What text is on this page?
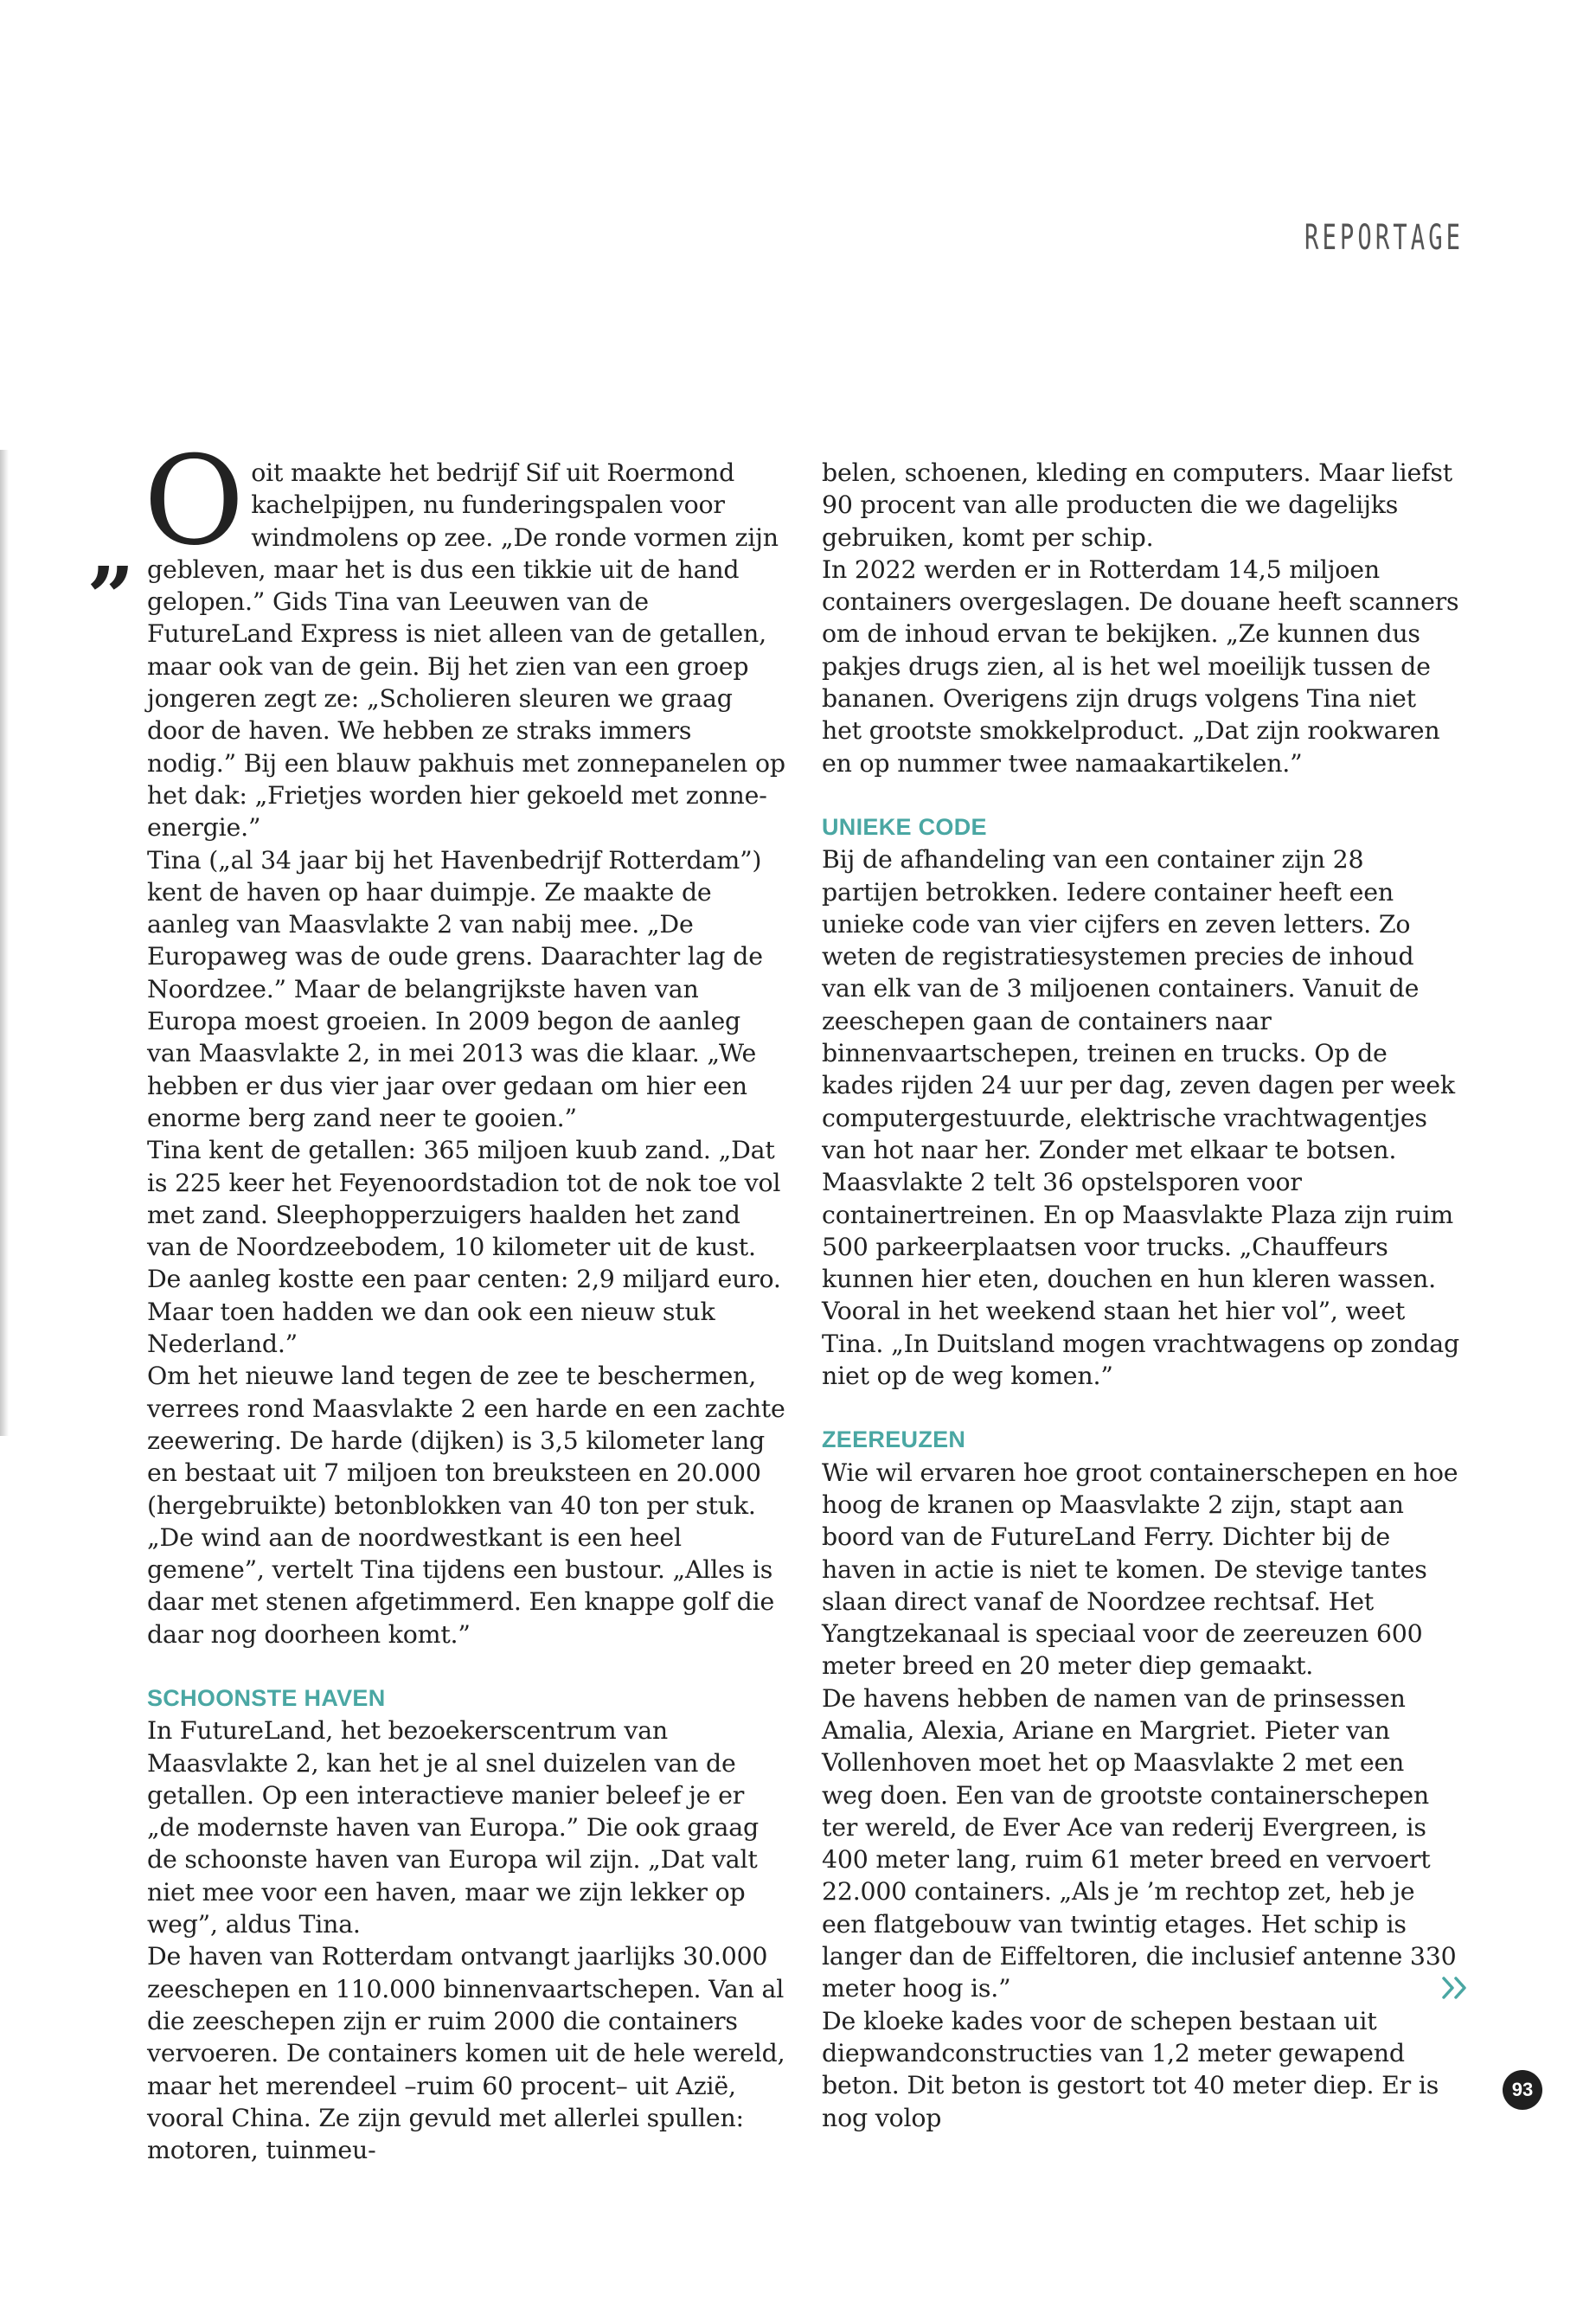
REPORTAGE
„ Ooit maakte het bedrijf Sif uit Roermond kachelpijpen, nu funderingspalen voor windmolens op zee. „De ronde vormen zijn gebleven, maar het is dus een tikkie uit de hand gelopen.” Gids Tina van Leeuwen van de FutureLand Express is niet alleen van de getallen, maar ook van de gein. Bij het zien van een groep jongeren zegt ze: „Scholieren sleuren we graag door de haven. We hebben ze straks immers nodig.” Bij een blauw pakhuis met zonnepanelen op het dak: „Frietjes worden hier gekoeld met zonne-energie.”

Tina („al 34 jaar bij het Havenbedrijf Rotterdam”) kent de haven op haar duimpje. Ze maakte de aanleg van Maasvlakte 2 van nabij mee. „De Europaweg was de oude grens. Daarachter lag de Noordzee.” Maar de belangrijkste haven van Europa moest groeien. In 2009 begon de aanleg van Maasvlakte 2, in mei 2013 was die klaar. „We hebben er dus vier jaar over gedaan om hier een enorme berg zand neer te gooien.”

Tina kent de getallen: 365 miljoen kuub zand. „Dat is 225 keer het Feyenoordstadion tot de nok toe vol met zand. Sleephopperzuigers haalden het zand van de Noordzeebodem, 10 kilometer uit de kust. De aanleg kostte een paar centen: 2,9 miljard euro. Maar toen hadden we dan ook een nieuw stuk Nederland.”

Om het nieuwe land tegen de zee te beschermen, verrees rond Maasvlakte 2 een harde en een zachte zeewering. De harde (dijken) is 3,5 kilometer lang en bestaat uit 7 miljoen ton breuksteen en 20.000 (hergebruikte) betonblokken van 40 ton per stuk. „De wind aan de noordwestkant is een heel gemene”, vertelt Tina tijdens een bustour. „Alles is daar met stenen afgetimmerd. Een knappe golf die daar nog doorheen komt.”

SCHOONSTE HAVEN

In FutureLand, het bezoekerscentrum van Maasvlakte 2, kan het je al snel duizelen van de getallen. Op een interactieve manier beleef je er „de modernste haven van Europa.” Die ook graag de schoonste haven van Europa wil zijn. „Dat valt niet mee voor een haven, maar we zijn lekker op weg”, aldus Tina.

De haven van Rotterdam ontvangt jaarlijks 30.000 zeeschepen en 110.000 binnenvaartschepen. Van al die zeeschepen zijn er ruim 2000 die containers vervoeren. De containers komen uit de hele wereld, maar het merendeel –ruim 60 procent– uit Azië, vooral China. Ze zijn gevuld met allerlei spullen: motoren, tuinmeu-

belen, schoenen, kleding en computers. Maar liefst 90 procent van alle producten die we dagelijks gebruiken, komt per schip.

In 2022 werden er in Rotterdam 14,5 miljoen containers overgeslagen. De douane heeft scanners om de inhoud ervan te bekijken. „Ze kunnen dus pakjes drugs zien, al is het wel moeilijk tussen de bananen. Overigens zijn drugs volgens Tina niet het grootste smokkelproduct. „Dat zijn rookwaren en op nummer twee namaakartikelen.”

UNIEKE CODE

Bij de afhandeling van een container zijn 28 partijen betrokken. Iedere container heeft een unieke code van vier cijfers en zeven letters. Zo weten de registratiesystemen precies de inhoud van elk van de 3 miljoenen containers. Vanuit de zeeschepen gaan de containers naar binnenvaartschepen, treinen en trucks. Op de kades rijden 24 uur per dag, zeven dagen per week computergestuurde, elektrische vrachtwagentjes van hot naar her. Zonder met elkaar te botsen.

Maasvlakte 2 telt 36 opstelsporen voor containertreinen. En op Maasvlakte Plaza zijn ruim 500 parkeerplaatsen voor trucks. „Chauffeurs kunnen hier eten, douchen en hun kleren wassen. Vooral in het weekend staan het hier vol”, weet Tina. „In Duitsland mogen vrachtwagens op zondag niet op de weg komen.”

ZEEREUZEN

Wie wil ervaren hoe groot containerschepen en hoe hoog de kranen op Maasvlakte 2 zijn, stapt aan boord van de FutureLand Ferry. Dichter bij de haven in actie is niet te komen. De stevige tantes slaan direct vanaf de Noordzee rechtsaf. Het Yangtzekanaal is speciaal voor de zeereuzen 600 meter breed en 20 meter diep gemaakt.

De havens hebben de namen van de prinsessen Amalia, Alexia, Ariane en Margriet. Pieter van Vollenhoven moet het op Maasvlakte 2 met een weg doen. Een van de grootste containerschepen ter wereld, de Ever Ace van rederij Evergreen, is 400 meter lang, ruim 61 meter breed en vervoert 22.000 containers. „Als je ’m rechtop zet, heb je een flatgebouw van twintig etages. Het schip is langer dan de Eiffeltoren, die inclusief antenne 330 meter hoog is.”

De kloeke kades voor de schepen bestaan uit diepwandconstructies van 1,2 meter gewapend beton. Dit beton is gestort tot 40 meter diep. Er is nog volop

93
